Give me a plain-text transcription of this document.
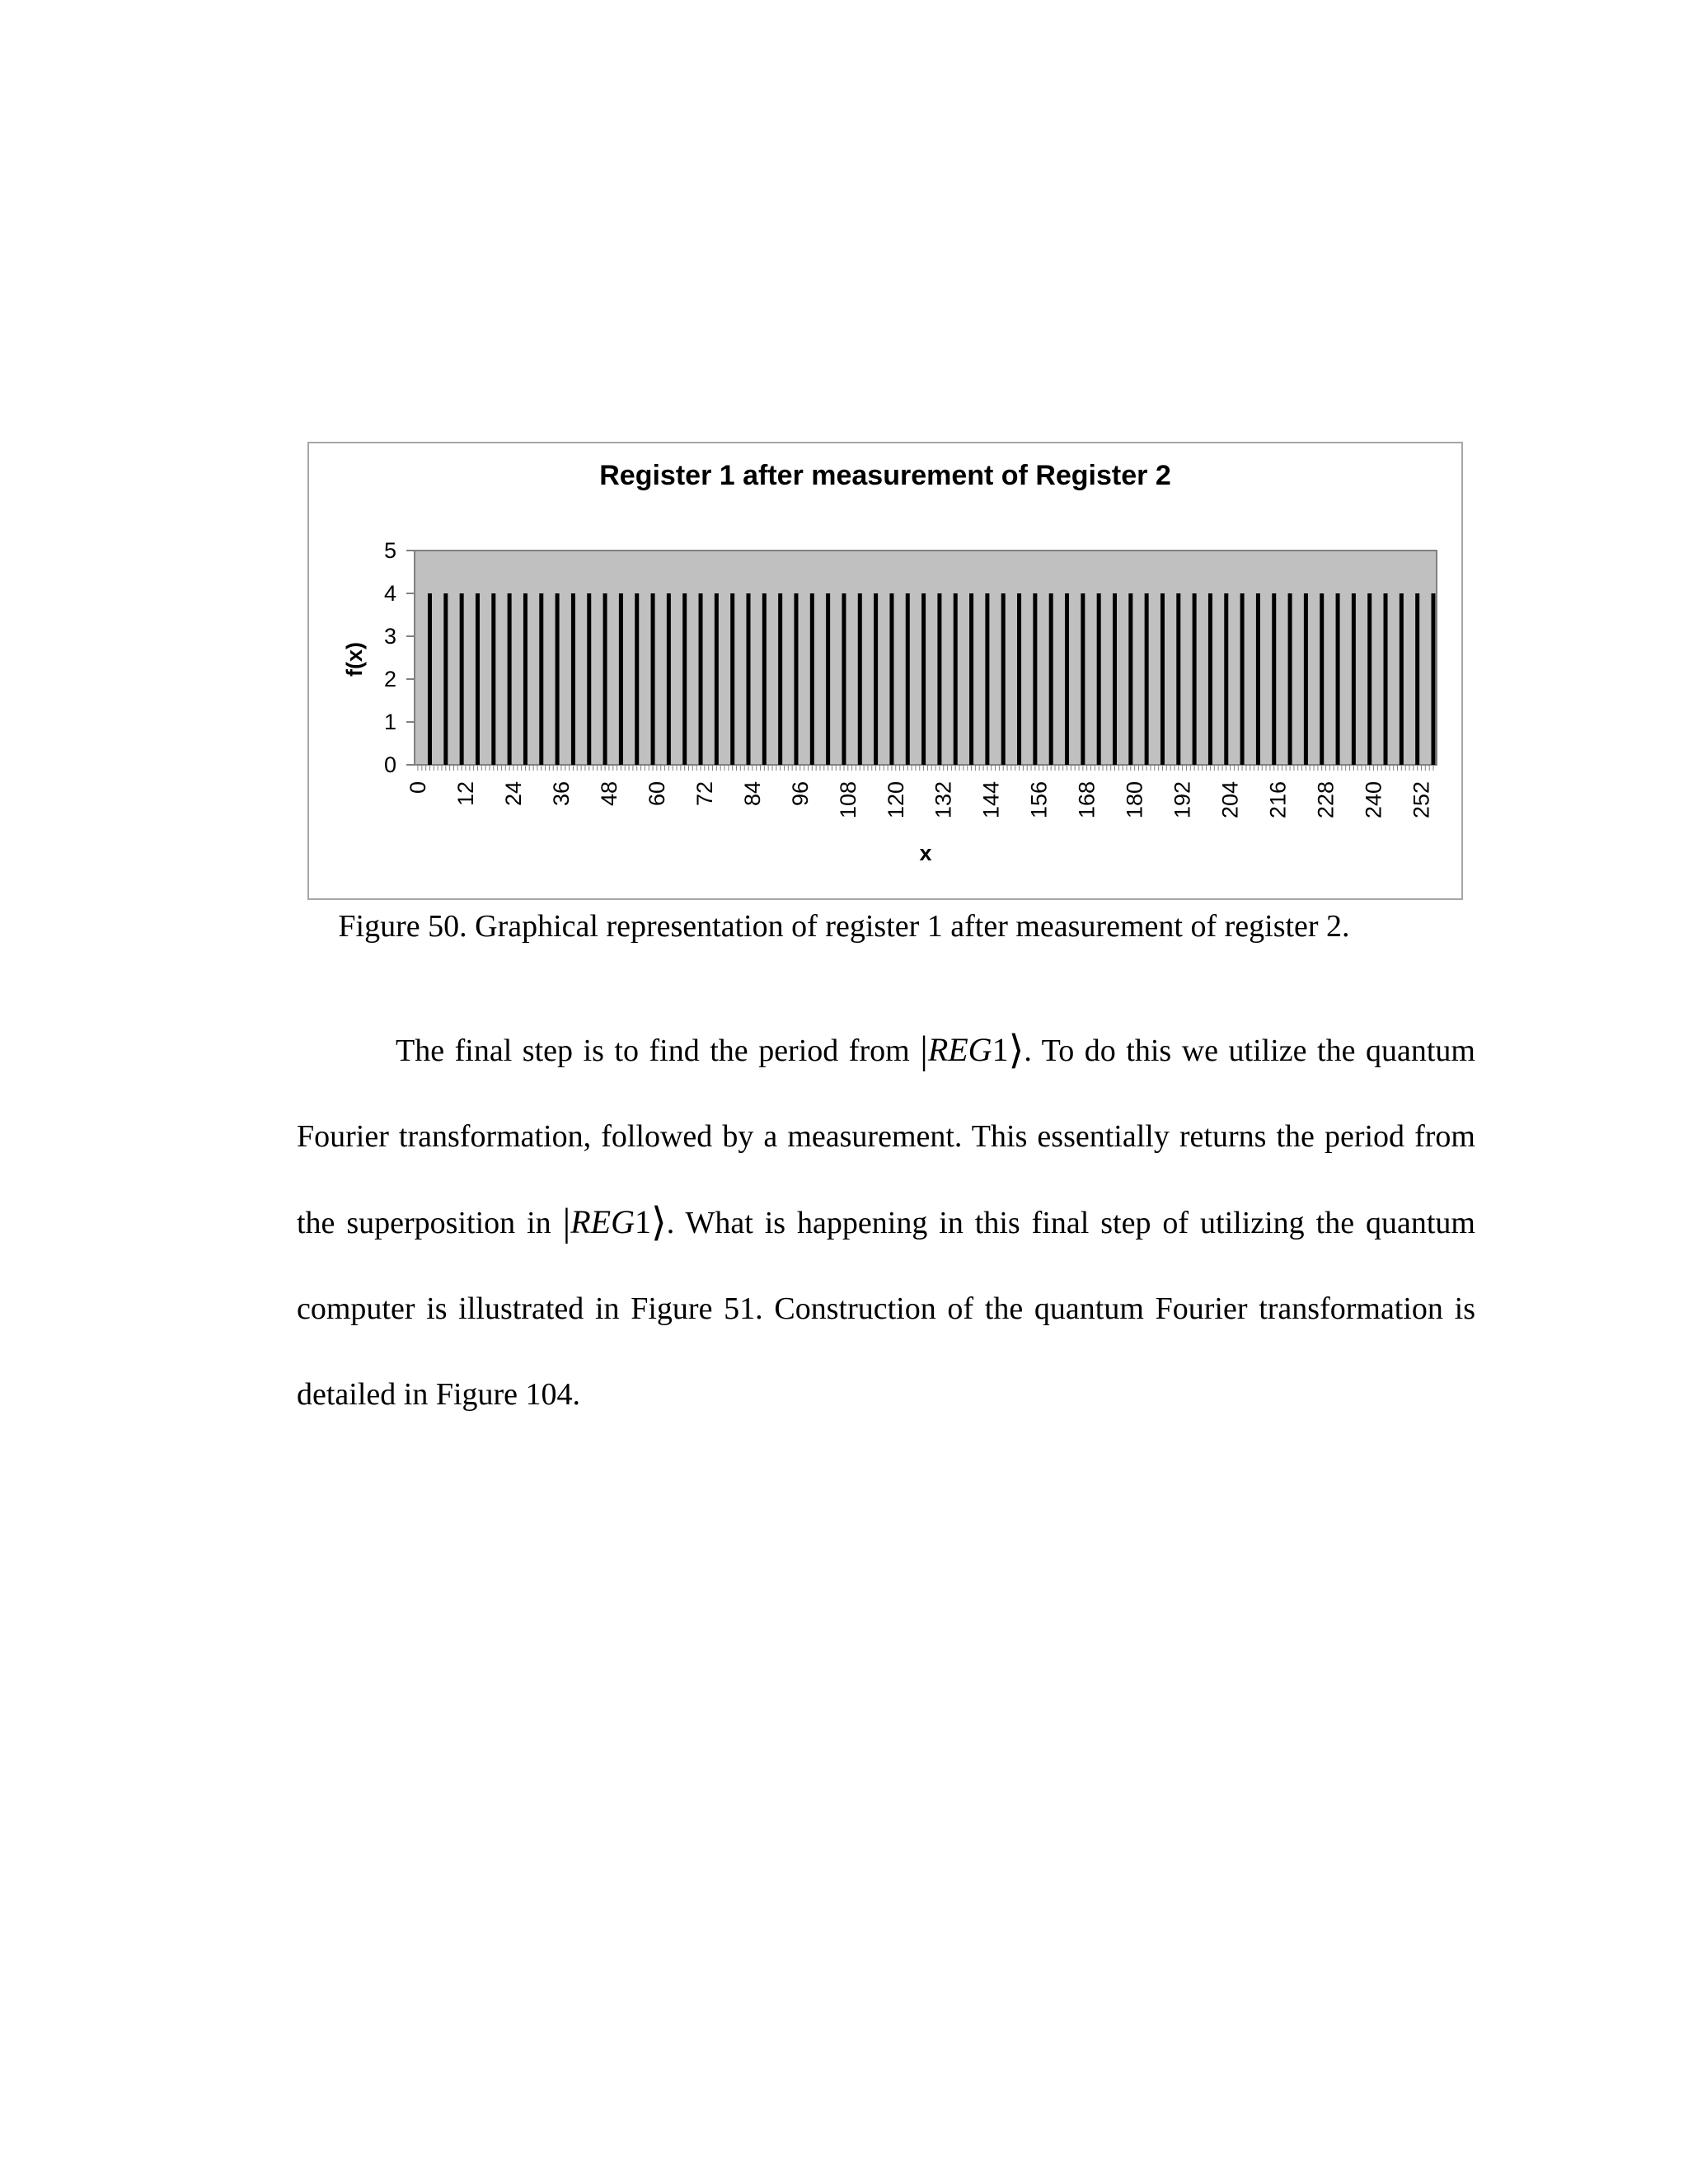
Register 1 after measurement of Register 2
0
1
2
3
4
5
0 12 24 36 48 60 72 84 96 108 120 132 144 156 168 180 192 204 216 228 240 252
x
f(x)
Figure 50. Graphical representation of register 1 after measurement of register 2.

The final step is to find the period from |REG1⟩. To do this we utilize the quantum Fourier transformation, followed by a measurement. This essentially returns the period from the superposition in |REG1⟩. What is happening in this final step of utilizing the quantum computer is illustrated in Figure 51. Construction of the quantum Fourier transformation is detailed in Figure 104.
